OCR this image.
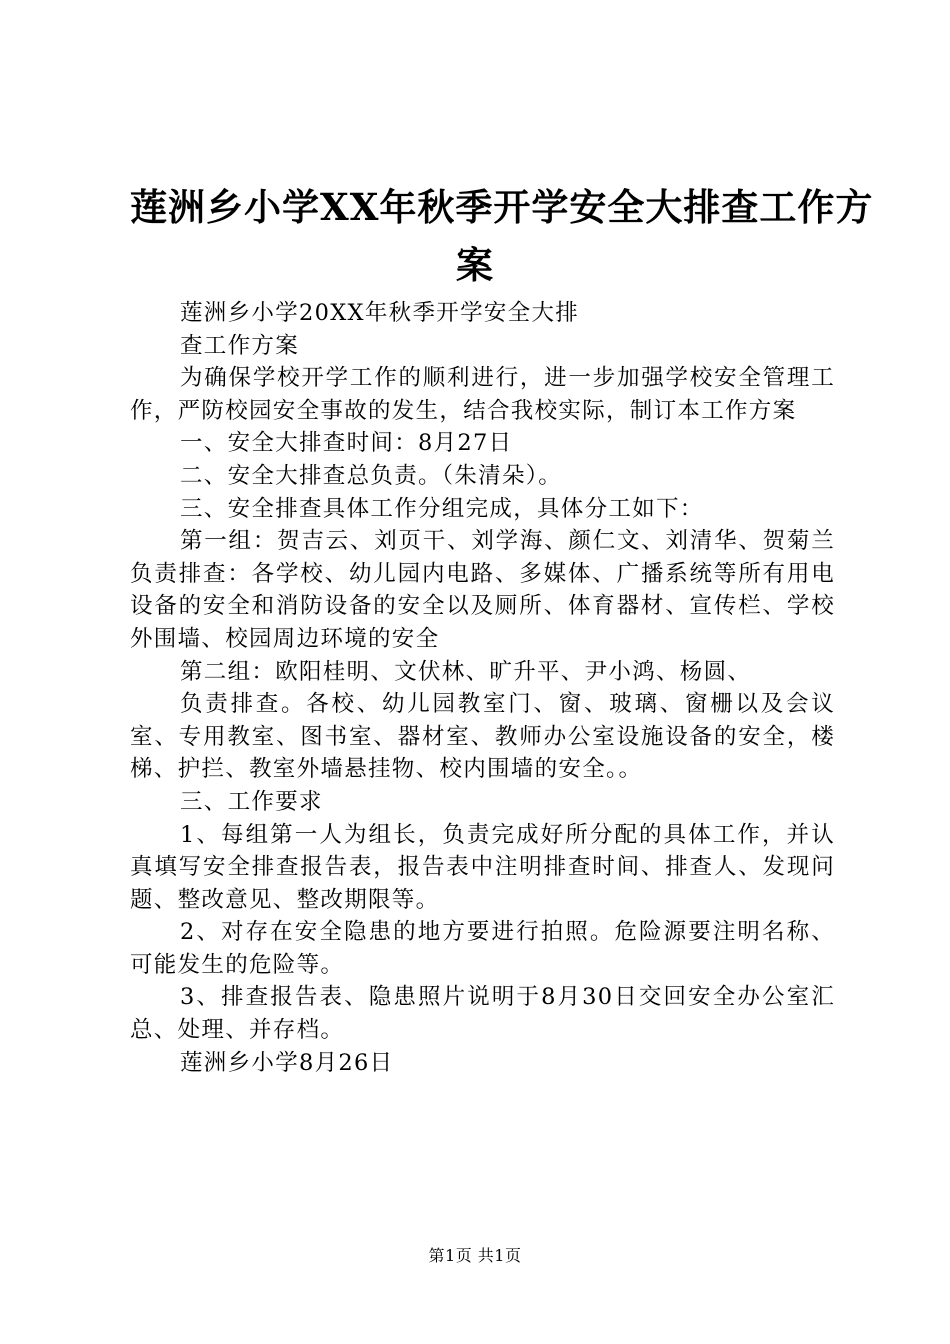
莲洲乡小学XX年秋季开学安全大排查工作方
案

莲洲乡小学20XX年秋季开学安全大排

查工作方案

为确保学校开学工作的顺利进行，进一步加强学校安全管理工作，严防校园安全事故的发生，结合我校实际，制订本工作方案

一、安全大排查时间：8月27日

二、安全大排查总负责。（朱清朵）。

三、安全排查具体工作分组完成，具体分工如下：

第一组：贺吉云、刘页干、刘学海、颜仁文、刘清华、贺菊兰负责排查：各学校、幼儿园内电路、多媒体、广播系统等所有用电设备的安全和消防设备的安全以及厕所、体育器材、宣传栏、学校外围墙、校园周边环境的安全

第二组：欧阳桂明、文伏林、旷升平、尹小鸿、杨圆、

负责排查。各校、幼儿园教室门、窗、玻璃、窗栅以及会议室、专用教室、图书室、器材室、教师办公室设施设备的安全，楼梯、护拦、教室外墙悬挂物、校内围墙的安全。。

三、工作要求

1、每组第一人为组长，负责完成好所分配的具体工作，并认真填写安全排查报告表，报告表中注明排查时间、排查人、发现问题、整改意见、整改期限等。

2、对存在安全隐患的地方要进行拍照。危险源要注明名称、可能发生的危险等。

3、排查报告表、隐患照片说明于8月30日交回安全办公室汇总、处理、并存档。

莲洲乡小学8月26日

第1页 共1页
